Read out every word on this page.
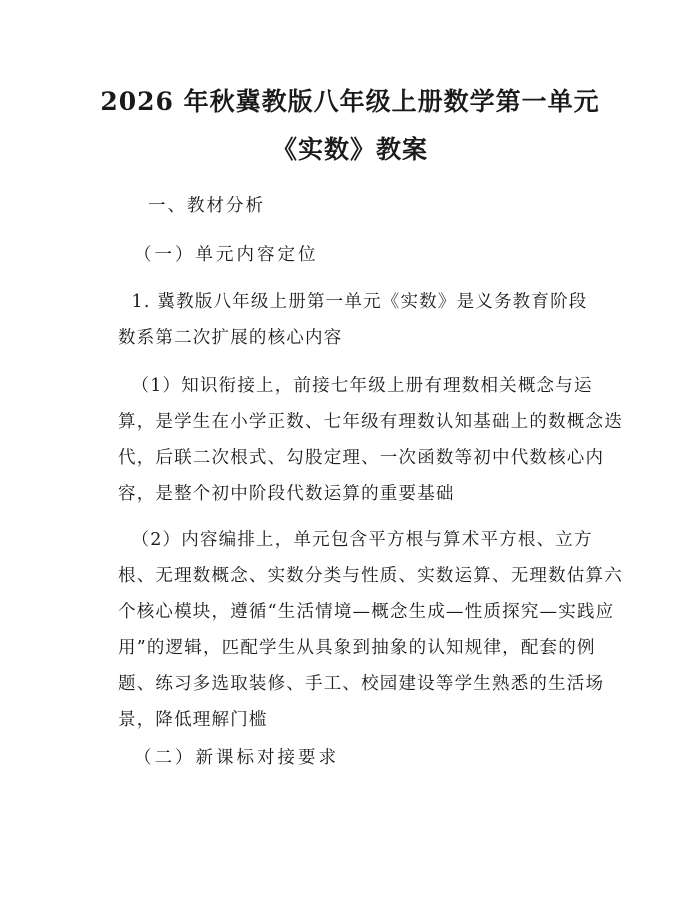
2026 年秋冀教版八年级上册数学第一单元
《实数》教案
一、教材分析
（一）单元内容定位
1. 冀教版八年级上册第一单元《实数》是义务教育阶段
数系第二次扩展的核心内容
（1）知识衔接上，前接七年级上册有理数相关概念与运
算，是学生在小学正数、七年级有理数认知基础上的数概念迭
代，后联二次根式、勾股定理、一次函数等初中代数核心内
容，是整个初中阶段代数运算的重要基础
（2）内容编排上，单元包含平方根与算术平方根、立方
根、无理数概念、实数分类与性质、实数运算、无理数估算六
个核心模块，遵循“生活情境—概念生成—性质探究—实践应
用”的逻辑，匹配学生从具象到抽象的认知规律，配套的例
题、练习多选取装修、手工、校园建设等学生熟悉的生活场
景，降低理解门槛
（二）新课标对接要求
